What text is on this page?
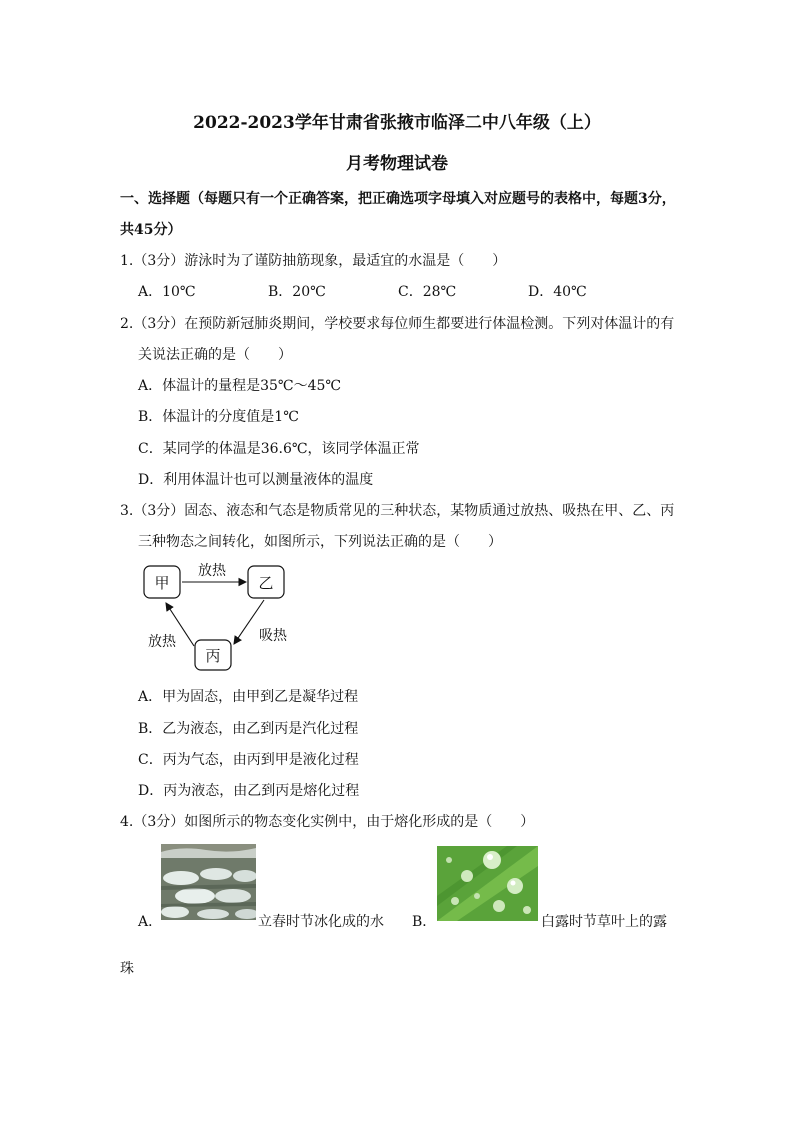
2022-2023学年甘肃省张掖市临泽二中八年级（上）
月考物理试卷
一、选择题（每题只有一个正确答案，把正确选项字母填入对应题号的表格中，每题3分，
共45分）
1.（3分）游泳时为了谨防抽筋现象，最适宜的水温是（　　）
A．10℃	B．20℃	C．28℃	D．40℃
2.（3分）在预防新冠肺炎期间，学校要求每位师生都要进行体温检测。下列对体温计的有
关说法正确的是（　　）
A．体温计的量程是35℃～45℃
B．体温计的分度值是1℃
C．某同学的体温是36.6℃，该同学体温正常
D．利用体温计也可以测量液体的温度
3.（3分）固态、液态和气态是物质常见的三种状态，某物质通过放热、吸热在甲、乙、丙
三种物态之间转化，如图所示，下列说法正确的是（　　）
甲	乙
丙
放热
吸热
放热
A．甲为固态，由甲到乙是凝华过程
B．乙为液态，由乙到丙是汽化过程
C．丙为气态，由丙到甲是液化过程
D．丙为液态，由乙到丙是熔化过程
4.（3分）如图所示的物态变化实例中，由于熔化形成的是（　　）
A．	立春时节冰化成的水 B．	白露时节草叶上的露
珠
